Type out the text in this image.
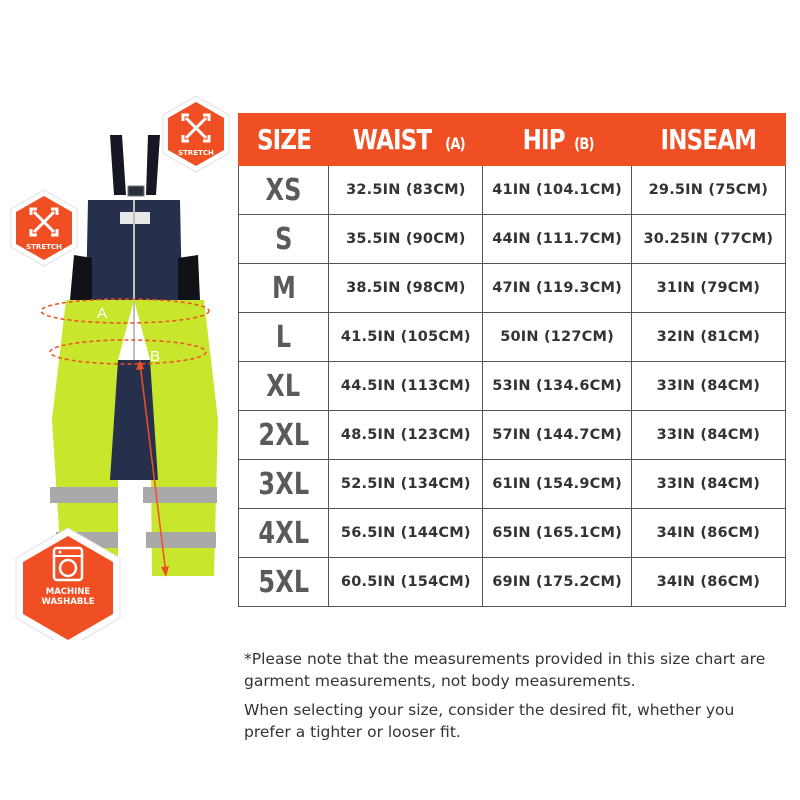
A
B
STRETCH
STRETCH
MACHINE WASHABLE
SIZE	WAIST (A)	HIP (B)	INSEAM
XS	32.5IN (83CM)	41IN (104.1CM)	29.5IN (75CM)
S	35.5IN (90CM)	44IN (111.7CM)	30.25IN (77CM)
M	38.5IN (98CM)	47IN (119.3CM)	31IN (79CM)
L	41.5IN (105CM)	50IN (127CM)	32IN (81CM)
XL	44.5IN (113CM)	53IN (134.6CM)	33IN (84CM)
2XL	48.5IN (123CM)	57IN (144.7CM)	33IN (84CM)
3XL	52.5IN (134CM)	61IN (154.9CM)	33IN (84CM)
4XL	56.5IN (144CM)	65IN (165.1CM)	34IN (86CM)
5XL	60.5IN (154CM)	69IN (175.2CM)	34IN (86CM)

*Please note that the measurements provided in this size chart are garment measurements, not body measurements.

When selecting your size, consider the desired fit, whether you prefer a tighter or looser fit.
